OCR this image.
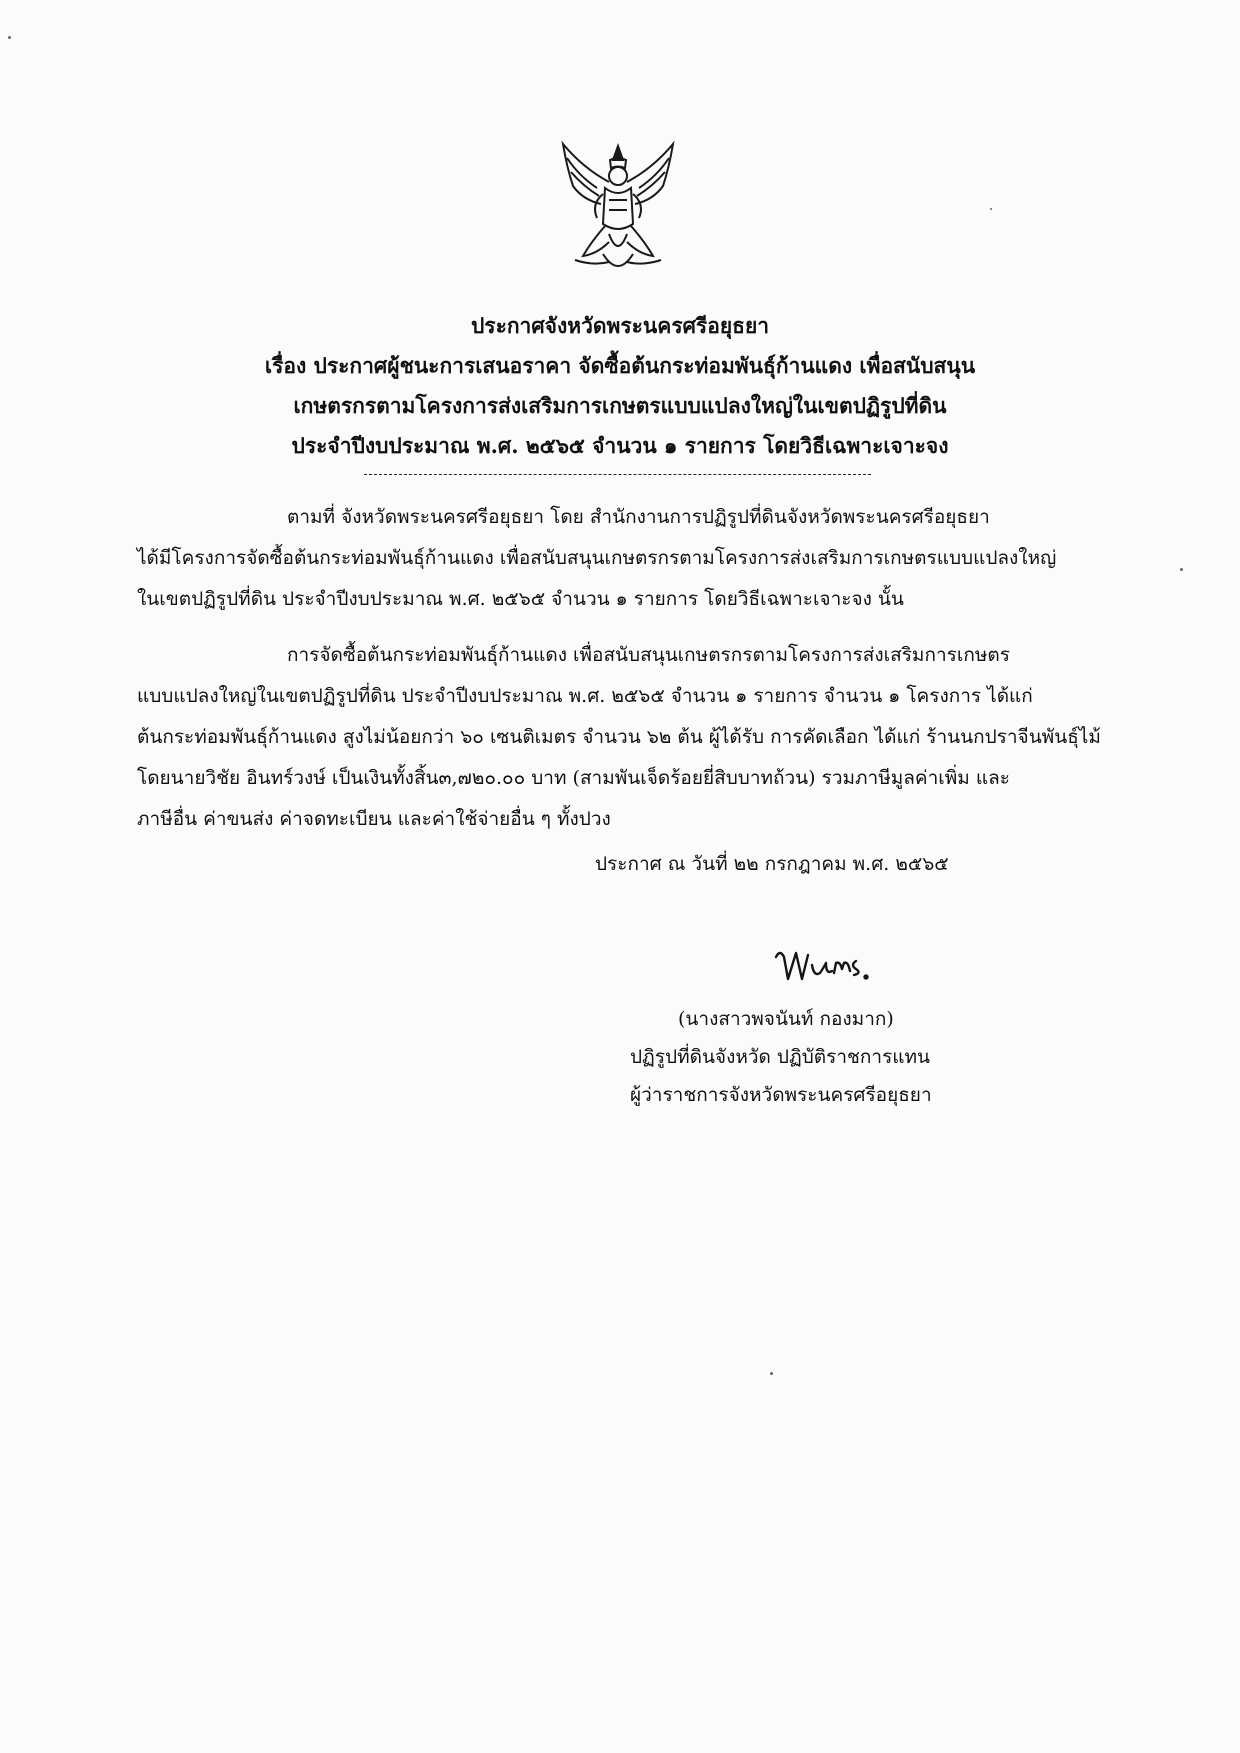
ประกาศจังหวัดพระนครศรีอยุธยา
เรื่อง ประกาศผู้ชนะการเสนอราคา จัดซื้อต้นกระท่อมพันธุ์ก้านแดง เพื่อสนับสนุน
เกษตรกรตามโครงการส่งเสริมการเกษตรแบบแปลงใหญ่ในเขตปฏิรูปที่ดิน
ประจำปีงบประมาณ พ.ศ. ๒๕๖๕ จำนวน ๑ รายการ โดยวิธีเฉพาะเจาะจง
ตามที่ จังหวัดพระนครศรีอยุธยา โดย สำนักงานการปฏิรูปที่ดินจังหวัดพระนครศรีอยุธยา
ได้มีโครงการจัดซื้อต้นกระท่อมพันธุ์ก้านแดง เพื่อสนับสนุนเกษตรกรตามโครงการส่งเสริมการเกษตรแบบแปลงใหญ่
ในเขตปฏิรูปที่ดิน ประจำปีงบประมาณ พ.ศ. ๒๕๖๕ จำนวน ๑ รายการ โดยวิธีเฉพาะเจาะจง นั้น
การจัดซื้อต้นกระท่อมพันธุ์ก้านแดง เพื่อสนับสนุนเกษตรกรตามโครงการส่งเสริมการเกษตร
แบบแปลงใหญ่ในเขตปฏิรูปที่ดิน ประจำปีงบประมาณ พ.ศ. ๒๕๖๕ จำนวน ๑ รายการ จำนวน ๑ โครงการ ได้แก่
ต้นกระท่อมพันธุ์ก้านแดง สูงไม่น้อยกว่า ๖๐ เซนติเมตร จำนวน ๖๒ ต้น ผู้ได้รับ การคัดเลือก ได้แก่ ร้านนกปราจีนพันธุ์ไม้
โดยนายวิชัย อินทร์วงษ์ เป็นเงินทั้งสิ้น๓,๗๒๐.๐๐ บาท (สามพันเจ็ดร้อยยี่สิบบาทถ้วน) รวมภาษีมูลค่าเพิ่ม และ
ภาษีอื่น ค่าขนส่ง ค่าจดทะเบียน และค่าใช้จ่ายอื่น ๆ ทั้งปวง
ประกาศ ณ วันที่ ๒๒ กรกฎาคม พ.ศ. ๒๕๖๕
(นางสาวพจนันท์ กองมาก)
ปฏิรูปที่ดินจังหวัด ปฏิบัติราชการแทน
ผู้ว่าราชการจังหวัดพระนครศรีอยุธยา
